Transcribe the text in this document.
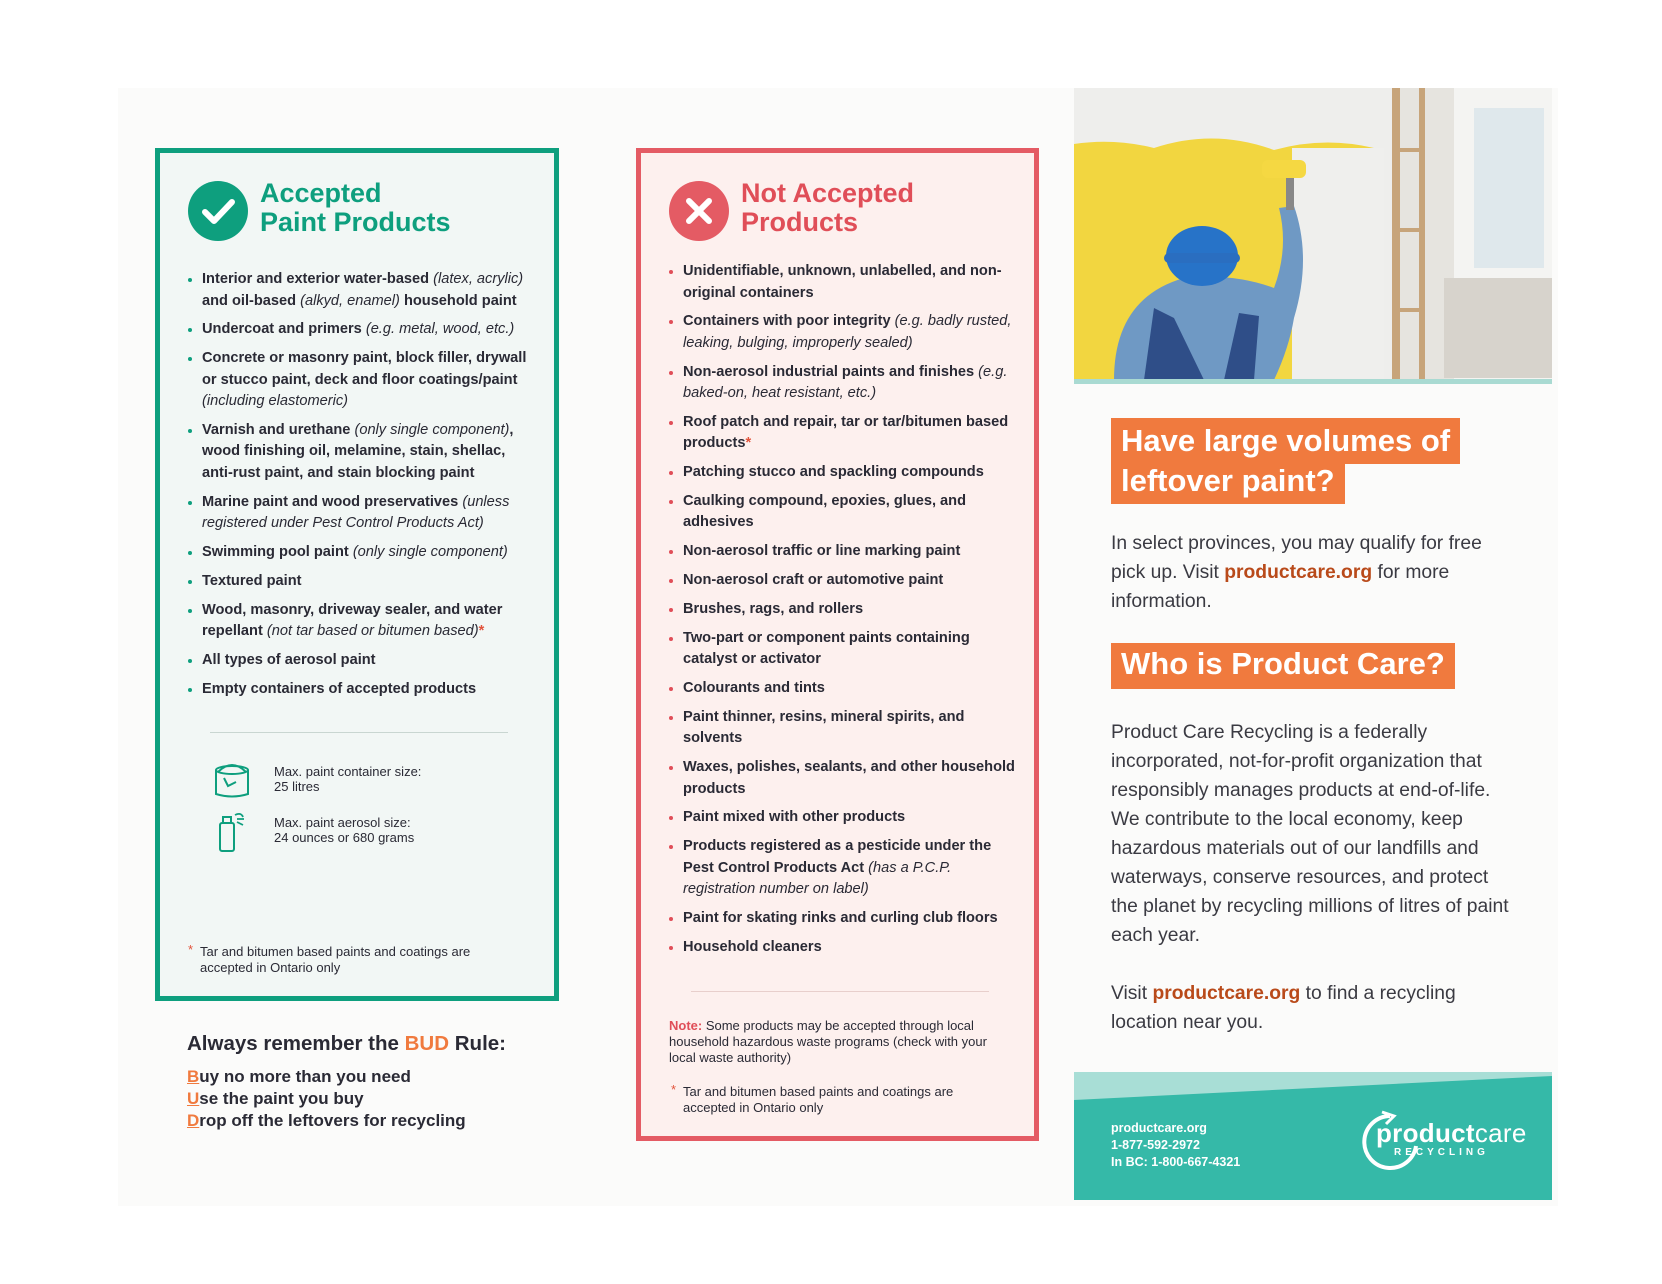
Accepted
Paint Products
Interior and exterior water-based (latex, acrylic) and oil-based (alkyd, enamel) household paint
Undercoat and primers (e.g. metal, wood, etc.)
Concrete or masonry paint, block filler, drywall or stucco paint, deck and floor coatings/paint (including elastomeric)
Varnish and urethane (only single component), wood finishing oil, melamine, stain, shellac, anti-rust paint, and stain blocking paint
Marine paint and wood preservatives (unless registered under Pest Control Products Act)
Swimming pool paint (only single component)
Textured paint
Wood, masonry, driveway sealer, and water repellant (not tar based or bitumen based)*
All types of aerosol paint
Empty containers of accepted products
Max. paint container size:
25 litres
Max. paint aerosol size:
24 ounces or 680 grams
* Tar and bitumen based paints and coatings are accepted in Ontario only
Always remember the BUD Rule:
Buy no more than you need
Use the paint you buy
Drop off the leftovers for recycling
Not Accepted
Products
Unidentifiable, unknown, unlabelled, and non-original containers
Containers with poor integrity (e.g. badly rusted, leaking, bulging, improperly sealed)
Non-aerosol industrial paints and finishes (e.g. baked-on, heat resistant, etc.)
Roof patch and repair, tar or tar/bitumen based products*
Patching stucco and spackling compounds
Caulking compound, epoxies, glues, and adhesives
Non-aerosol traffic or line marking paint
Non-aerosol craft or automotive paint
Brushes, rags, and rollers
Two-part or component paints containing catalyst or activator
Colourants and tints
Paint thinner, resins, mineral spirits, and solvents
Waxes, polishes, sealants, and other household products
Paint mixed with other products
Products registered as a pesticide under the Pest Control Products Act (has a P.C.P. registration number on label)
Paint for skating rinks and curling club floors
Household cleaners
Note: Some products may be accepted through local household hazardous waste programs (check with your local waste authority)
* Tar and bitumen based paints and coatings are accepted in Ontario only
Have large volumes of
leftover paint?
In select provinces, you may qualify for free pick up. Visit productcare.org for more information.
Who is Product Care?
Product Care Recycling is a federally incorporated, not-for-profit organization that responsibly manages products at end-of-life. We contribute to the local economy, keep hazardous materials out of our landfills and waterways, conserve resources, and protect the planet by recycling millions of litres of paint each year.
Visit productcare.org to find a recycling location near you.
productcare.org
1-877-592-2972
In BC: 1-800-667-4321
productcare
RECYCLING
